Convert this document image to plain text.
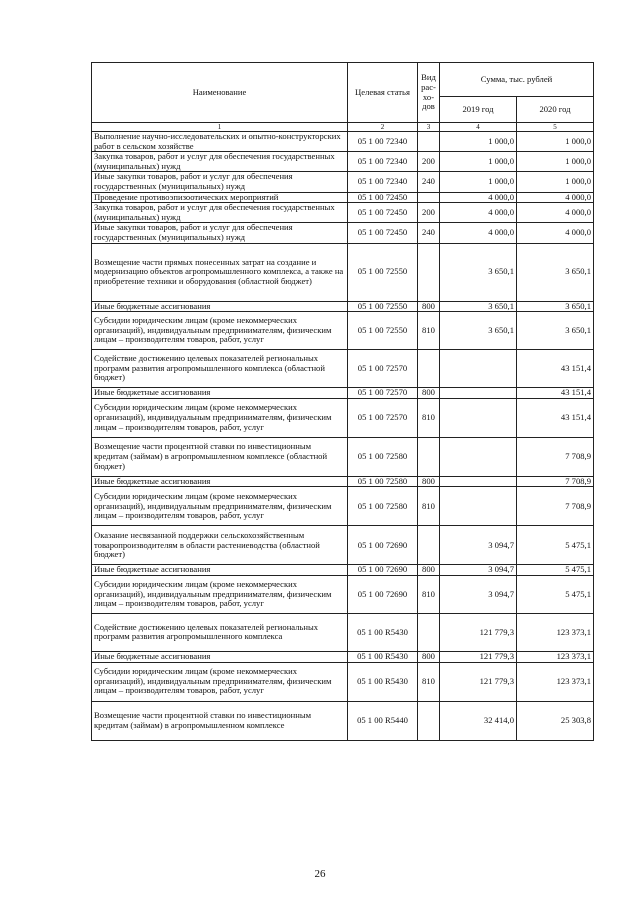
Наименование	Целевая статья	Вид
рас-
хо-
дов	Сумма, тыс. рублей	
			2019 год	2020 год
1	2	3	4	5
Выполнение научно-исследовательских и опытно-конструкторских работ в сельском хозяйстве	05 1 00 72340		1 000,0	1 000,0
Закупка товаров, работ и услуг для обеспечения государственных (муниципальных) нужд	05 1 00 72340	200	1 000,0	1 000,0
Иные закупки товаров, работ и услуг для обеспечения государственных (муниципальных) нужд	05 1 00 72340	240	1 000,0	1 000,0
Проведение противоэпизоотических мероприятий	05 1 00 72450		4 000,0	4 000,0
Закупка товаров, работ и услуг для обеспечения государственных (муниципальных) нужд	05 1 00 72450	200	4 000,0	4 000,0
Иные закупки товаров, работ и услуг для обеспечения государственных (муниципальных) нужд	05 1 00 72450	240	4 000,0	4 000,0
Возмещение части прямых понесенных затрат на создание и модернизацию объектов агропромышленного комплекса, а также на приобретение техники и оборудования (областной бюджет)	05 1 00 72550		3 650,1	3 650,1
Иные бюджетные ассигнования	05 1 00 72550	800	3 650,1	3 650,1
Субсидии юридическим лицам (кроме некоммерческих организаций), индивидуальным предпринимателям, физическим лицам – производителям товаров, работ, услуг	05 1 00 72550	810	3 650,1	3 650,1
Содействие достижению целевых показателей региональных программ развития агропромышленного комплекса (областной бюджет)	05 1 00 72570			43 151,4
Иные бюджетные ассигнования	05 1 00 72570	800		43 151,4
Субсидии юридическим лицам (кроме некоммерческих организаций), индивидуальным предпринимателям, физическим лицам – производителям товаров, работ, услуг	05 1 00 72570	810		43 151,4
Возмещение части процентной ставки по инвестиционным кредитам (займам) в агропромышленном комплексе (областной бюджет)	05 1 00 72580			7 708,9
Иные бюджетные ассигнования	05 1 00 72580	800		7 708,9
Субсидии юридическим лицам (кроме некоммерческих организаций), индивидуальным предпринимателям, физическим лицам – производителям товаров, работ, услуг	05 1 00 72580	810		7 708,9
Оказание несвязанной поддержки сельскохозяйственным товаропроизводителям в области растениеводства (областной бюджет)	05 1 00 72690		3 094,7	5 475,1
Иные бюджетные ассигнования	05 1 00 72690	800	3 094,7	5 475,1
Субсидии юридическим лицам (кроме некоммерческих организаций), индивидуальным предпринимателям, физическим лицам – производителям товаров, работ, услуг	05 1 00 72690	810	3 094,7	5 475,1
Содействие достижению целевых показателей региональных программ развития агропромышленного комплекса	05 1 00 R5430		121 779,3	123 373,1
Иные бюджетные ассигнования	05 1 00 R5430	800	121 779,3	123 373,1
Субсидии юридическим лицам (кроме некоммерческих организаций), индивидуальным предпринимателям, физическим лицам – производителям товаров, работ, услуг	05 1 00 R5430	810	121 779,3	123 373,1
Возмещение части процентной ставки по инвестиционным кредитам (займам) в агропромышленном комплексе	05 1 00 R5440		32 414,0	25 303,8
26
